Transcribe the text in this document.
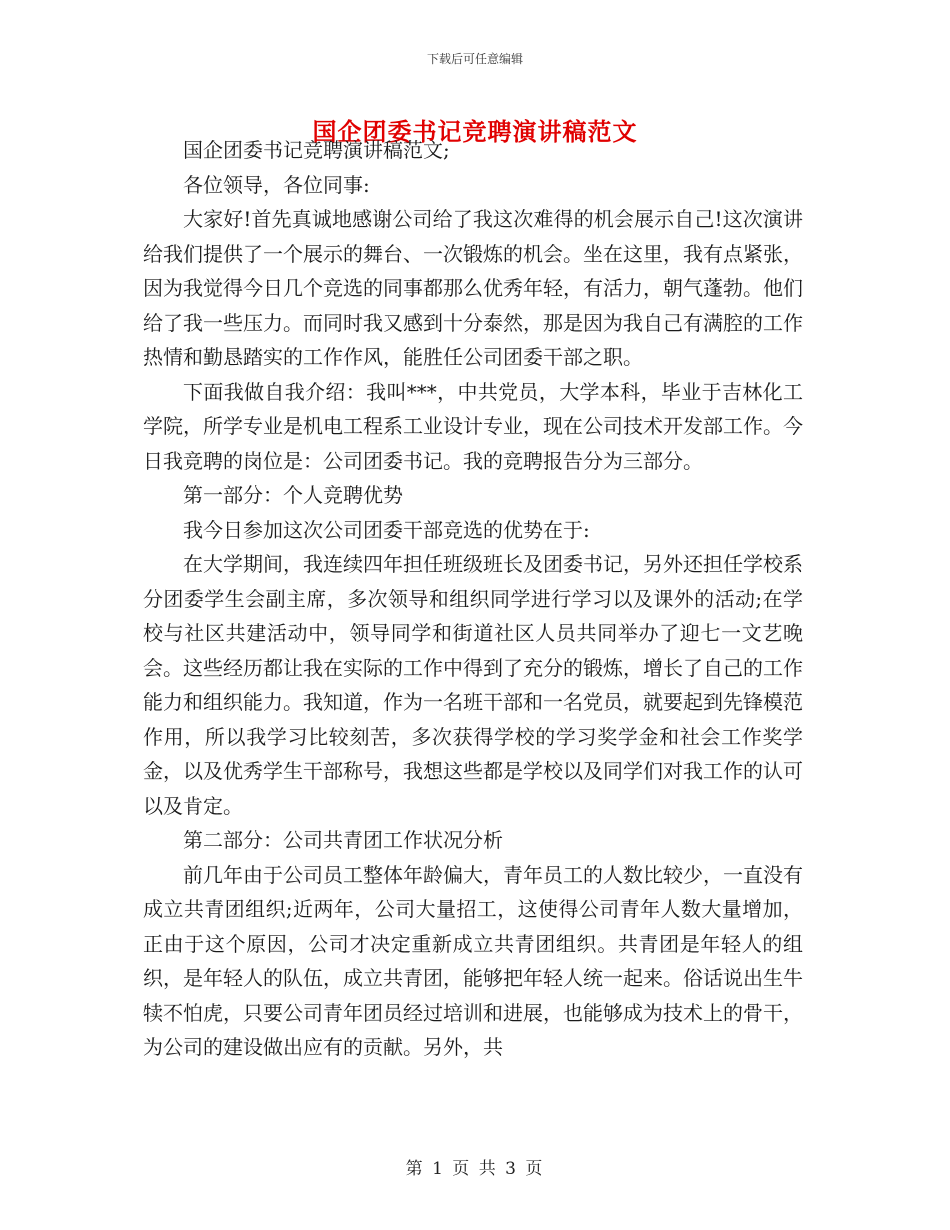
下载后可任意编辑
国企团委书记竞聘演讲稿范文

国企团委书记竞聘演讲稿范文;

各位领导，各位同事:

大家好!首先真诚地感谢公司给了我这次难得的机会展示自己!这次演讲给我们提供了一个展示的舞台、一次锻炼的机会。坐在这里，我有点紧张，因为我觉得今日几个竞选的同事都那么优秀年轻，有活力，朝气蓬勃。他们给了我一些压力。而同时我又感到十分泰然，那是因为我自己有满腔的工作热情和勤恳踏实的工作作风，能胜任公司团委干部之职。

下面我做自我介绍：我叫***，中共党员，大学本科，毕业于吉林化工学院，所学专业是机电工程系工业设计专业，现在公司技术开发部工作。今日我竞聘的岗位是：公司团委书记。我的竞聘报告分为三部分。

第一部分：个人竞聘优势

我今日参加这次公司团委干部竞选的优势在于:

在大学期间，我连续四年担任班级班长及团委书记，另外还担任学校系分团委学生会副主席，多次领导和组织同学进行学习以及课外的活动;在学校与社区共建活动中，领导同学和街道社区人员共同举办了迎七一文艺晚会。这些经历都让我在实际的工作中得到了充分的锻炼，增长了自己的工作能力和组织能力。我知道，作为一名班干部和一名党员，就要起到先锋模范作用，所以我学习比较刻苦，多次获得学校的学习奖学金和社会工作奖学金，以及优秀学生干部称号，我想这些都是学校以及同学们对我工作的认可以及肯定。

第二部分：公司共青团工作状况分析

前几年由于公司员工整体年龄偏大，青年员工的人数比较少，一直没有成立共青团组织;近两年，公司大量招工，这使得公司青年人数大量增加，正由于这个原因，公司才决定重新成立共青团组织。共青团是年轻人的组织，是年轻人的队伍，成立共青团，能够把年轻人统一起来。俗话说出生牛犊不怕虎，只要公司青年团员经过培训和进展，也能够成为技术上的骨干，为公司的建设做出应有的贡献。另外，共

第 1 页 共 3 页
